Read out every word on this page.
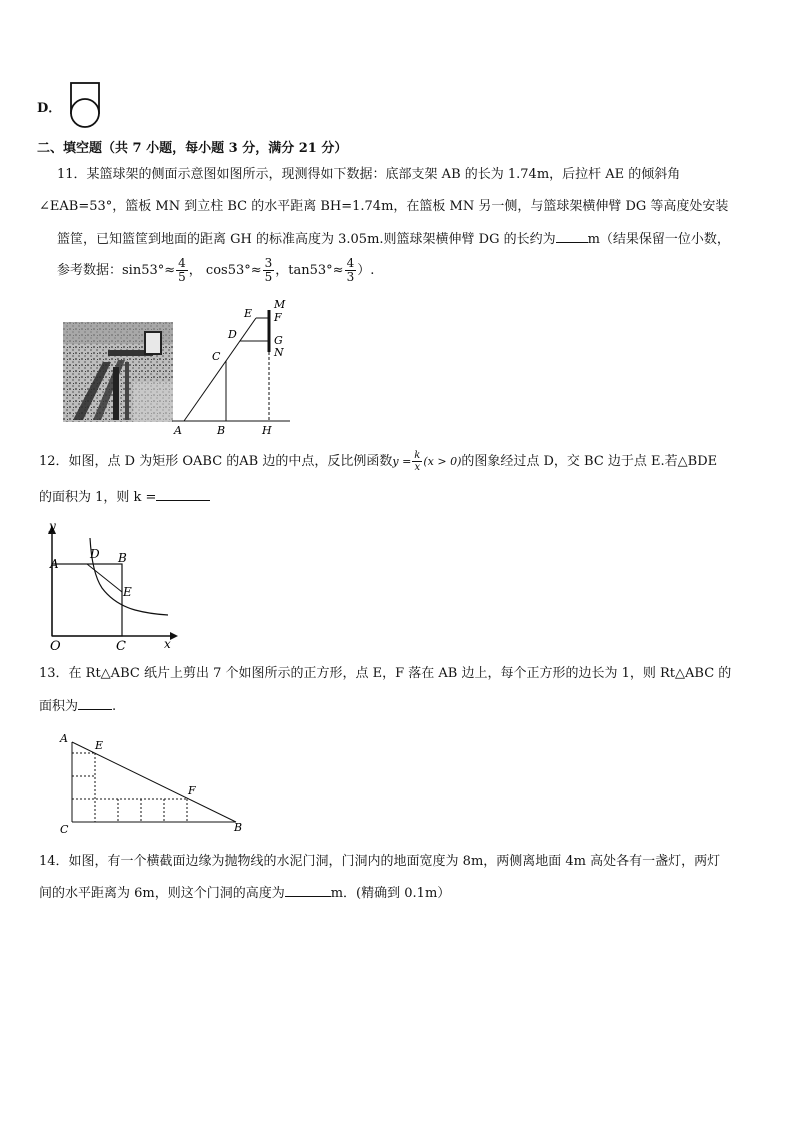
D．
二、填空题（共 7 小题，每小题 3 分，满分 21 分）
11．某篮球架的侧面示意图如图所示，现测得如下数据：底部支架 AB 的长为 1.74m，后拉杆 AE 的倾斜角
∠EAB=53°，篮板 MN 到立柱 BC 的水平距离 BH=1.74m，在篮板 MN 另一侧，与篮球架横伸臂 DG 等高度处安装
篮筐，已知篮筐到地面的距离 GH 的标准高度为 3.05m.则篮球架横伸臂 DG 的长约为 m（结果保留一位小数，
参考数据：$\sin 53^\circ\approx \frac{4}{5}$ ， $\cos 53^\circ\approx \frac{3}{5}$ ，$\tan 53^\circ\approx \frac{4}{3}$ ）.
M
F
E
D	G
N
C
A	B	H
12．如图，点 D 为矩形 OABC 的AB 边的中点，反比例函数$y = \frac{k}{x} (x > 0)$的图象经过点 D，交 BC 边于点 E.若△BDE
的面积为 1，则 k =
y
A
D B
E
O	C	x
13．在 Rt△ABC 纸片上剪出 7 个如图所示的正方形，点 E，F 落在 AB 边上，每个正方形的边长为 1，则 Rt△ABC 的
面积为	.
A
E
F
C	B
14．如图，有一个横截面边缘为抛物线的水泥门洞，门洞内的地面宽度为 8m，两侧离地面 4m 高处各有一盏灯，两灯
间的水平距离为 6m，则这个门洞的高度为	m．(精确到 0.1m）
